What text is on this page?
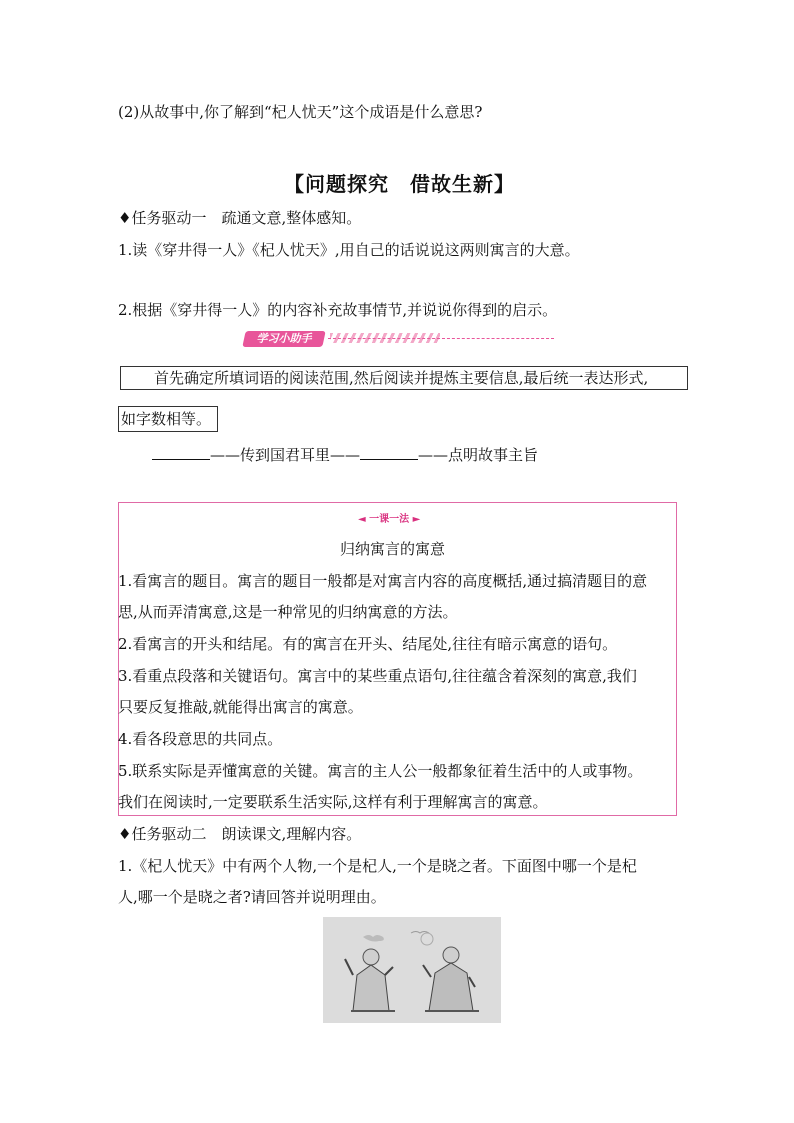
(2)从故事中,你了解到“杞人忧天”这个成语是什么意思?
【问题探究　借故生新】
♦任务驱动一　疏通文意,整体感知。
1.读《穿井得一人》《杞人忧天》,用自己的话说说这两则寓言的大意。
2.根据《穿井得一人》的内容补充故事情节,并说说你得到的启示。
学习小助手
首先确定所填词语的阅读范围,然后阅读并提炼主要信息,最后统一表达形式,
如字数相等。
——传到国君耳里——	——点明故事主旨
◄ 一课一法 ►
归纳寓言的寓意
1.看寓言的题目。寓言的题目一般都是对寓言内容的高度概括,通过搞清题目的意
思,从而弄清寓意,这是一种常见的归纳寓意的方法。
2.看寓言的开头和结尾。有的寓言在开头、结尾处,往往有暗示寓意的语句。
3.看重点段落和关键语句。寓言中的某些重点语句,往往蕴含着深刻的寓意,我们
只要反复推敲,就能得出寓言的寓意。
4.看各段意思的共同点。
5.联系实际是弄懂寓意的关键。寓言的主人公一般都象征着生活中的人或事物。
我们在阅读时,一定要联系生活实际,这样有利于理解寓言的寓意。
♦任务驱动二　朗读课文,理解内容。
1.《杞人忧天》中有两个人物,一个是杞人,一个是晓之者。下面图中哪一个是杞
人,哪一个是晓之者?请回答并说明理由。
